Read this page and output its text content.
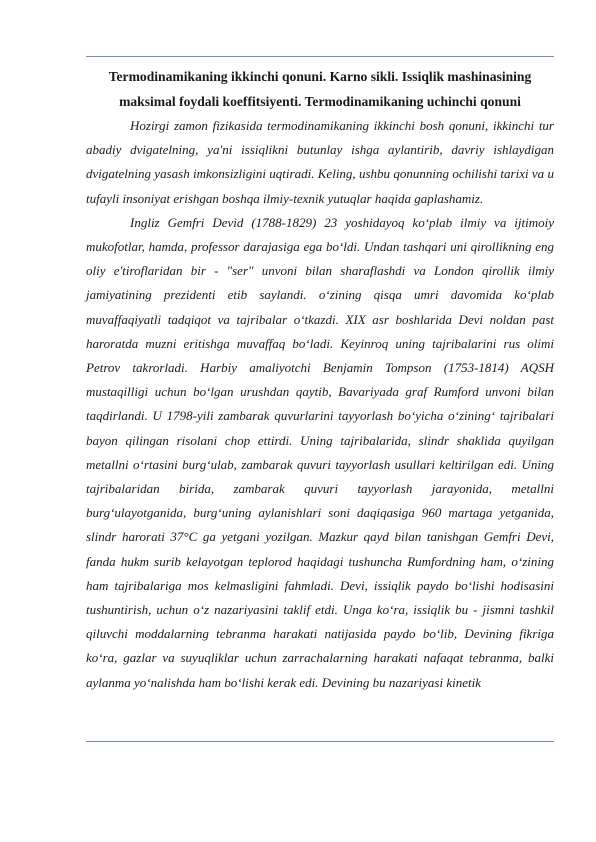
Termodinamikaning ikkinchi qonuni. Karno sikli. Issiqlik mashinasining maksimal foydali koeffitsiyenti. Termodinamikaning uchinchi qonuni

Hozirgi zamon fizikasida termodinamikaning ikkinchi bosh qonuni, ikkinchi tur abadiy dvigatelning, ya'ni issiqlikni butunlay ishga aylantirib, davriy ishlaydigan dvigatelning yasash imkonsizligini uqtiradi. Keling, ushbu qonunning ochilishi tarixi va u tufayli insoniyat erishgan boshqa ilmiy-texnik yutuqlar haqida gaplashamiz.

Ingliz Gemfri Devid (1788-1829) 23 yoshidayoq ko‘plab ilmiy va ijtimoiy mukofotlar, hamda, professor darajasiga ega bo‘ldi. Undan tashqari uni qirollikning eng oliy e'tiroflaridan bir - "ser" unvoni bilan sharaflashdi va London qirollik ilmiy jamiyatining prezidenti etib saylandi. o‘zining qisqa umri davomida ko‘plab muvaffaqiyatli tadqiqot va tajribalar o‘tkazdi. XIX asr boshlarida Devi noldan past haroratda muzni eritishga muvaffaq bo‘ladi. Keyinroq uning tajribalarini rus olimi Petrov takrorladi. Harbiy amaliyotchi Benjamin Tompson (1753-1814) AQSH mustaqilligi uchun bo‘lgan urushdan qaytib, Bavariyada graf Rumford unvoni bilan taqdirlandi. U 1798-yili zambarak quvurlarini tayyorlash bo‘yicha o‘zining‘ tajribalari bayon qilingan risolani chop ettirdi. Uning tajribalarida, slindr shaklida quyilgan metallni o‘rtasini burg‘ulab, zambarak quvuri tayyorlash usullari keltirilgan edi. Uning tajribalaridan birida, zambarak quvuri tayyorlash jarayonida, metallni burg‘ulayotganida, burg‘uning aylanishlari soni daqiqasiga 960 martaga yetganida, slindr harorati 37°C ga yetgani yozilgan. Mazkur qayd bilan tanishgan Gemfri Devi, fanda hukm surib kelayotgan teplorod haqidagi tushuncha Rumfordning ham, o‘zining ham tajribalariga mos kelmasligini fahmladi. Devi, issiqlik paydo bo‘lishi hodisasini tushuntirish, uchun o‘z nazariyasini taklif etdi. Unga ko‘ra, issiqlik bu - jismni tashkil qiluvchi moddalarning tebranma harakati natijasida paydo bo‘lib, Devining fikriga ko‘ra, gazlar va suyuqliklar uchun zarrachalarning harakati nafaqat tebranma, balki aylanma yo‘nalishda ham bo‘lishi kerak edi. Devining bu nazariyasi kinetik
